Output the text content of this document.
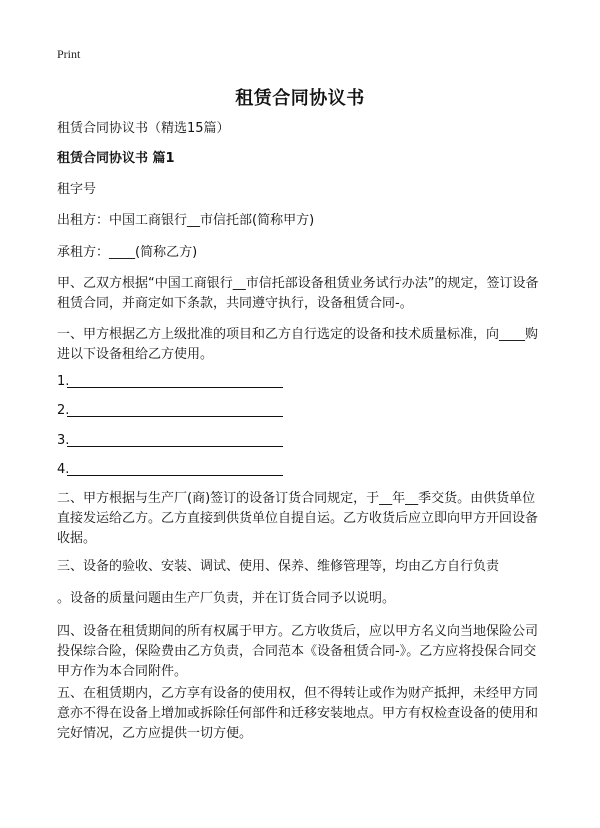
Print
租赁合同协议书
租赁合同协议书（精选15篇）
租赁合同协议书 篇1
租字号
出租方：中国工商银行__市信托部(简称甲方)
承租方：____(简称乙方)
甲、乙双方根据“中国工商银行__市信托部设备租赁业务试行办法”的规定，签订设备租赁合同，并商定如下条款，共同遵守执行，设备租赁合同-。
一、甲方根据乙方上级批准的项目和乙方自行选定的设备和技术质量标准，向____购进以下设备租给乙方使用。
1.
2.
3.
4.
二、甲方根据与生产厂(商)签订的设备订货合同规定，于__年__季交货。由供货单位直接发运给乙方。乙方直接到供货单位自提自运。乙方收货后应立即向甲方开回设备收据。
三、设备的验收、安装、调试、使用、保养、维修管理等，均由乙方自行负责
。设备的质量问题由生产厂负责，并在订货合同予以说明。
四、设备在租赁期间的所有权属于甲方。乙方收货后，应以甲方名义向当地保险公司投保综合险，保险费由乙方负责，合同范本《设备租赁合同-》。乙方应将投保合同交甲方作为本合同附件。
五、在租赁期内，乙方享有设备的使用权，但不得转让或作为财产抵押，未经甲方同意亦不得在设备上增加或拆除任何部件和迁移安装地点。甲方有权检查设备的使用和完好情况，乙方应提供一切方便。
